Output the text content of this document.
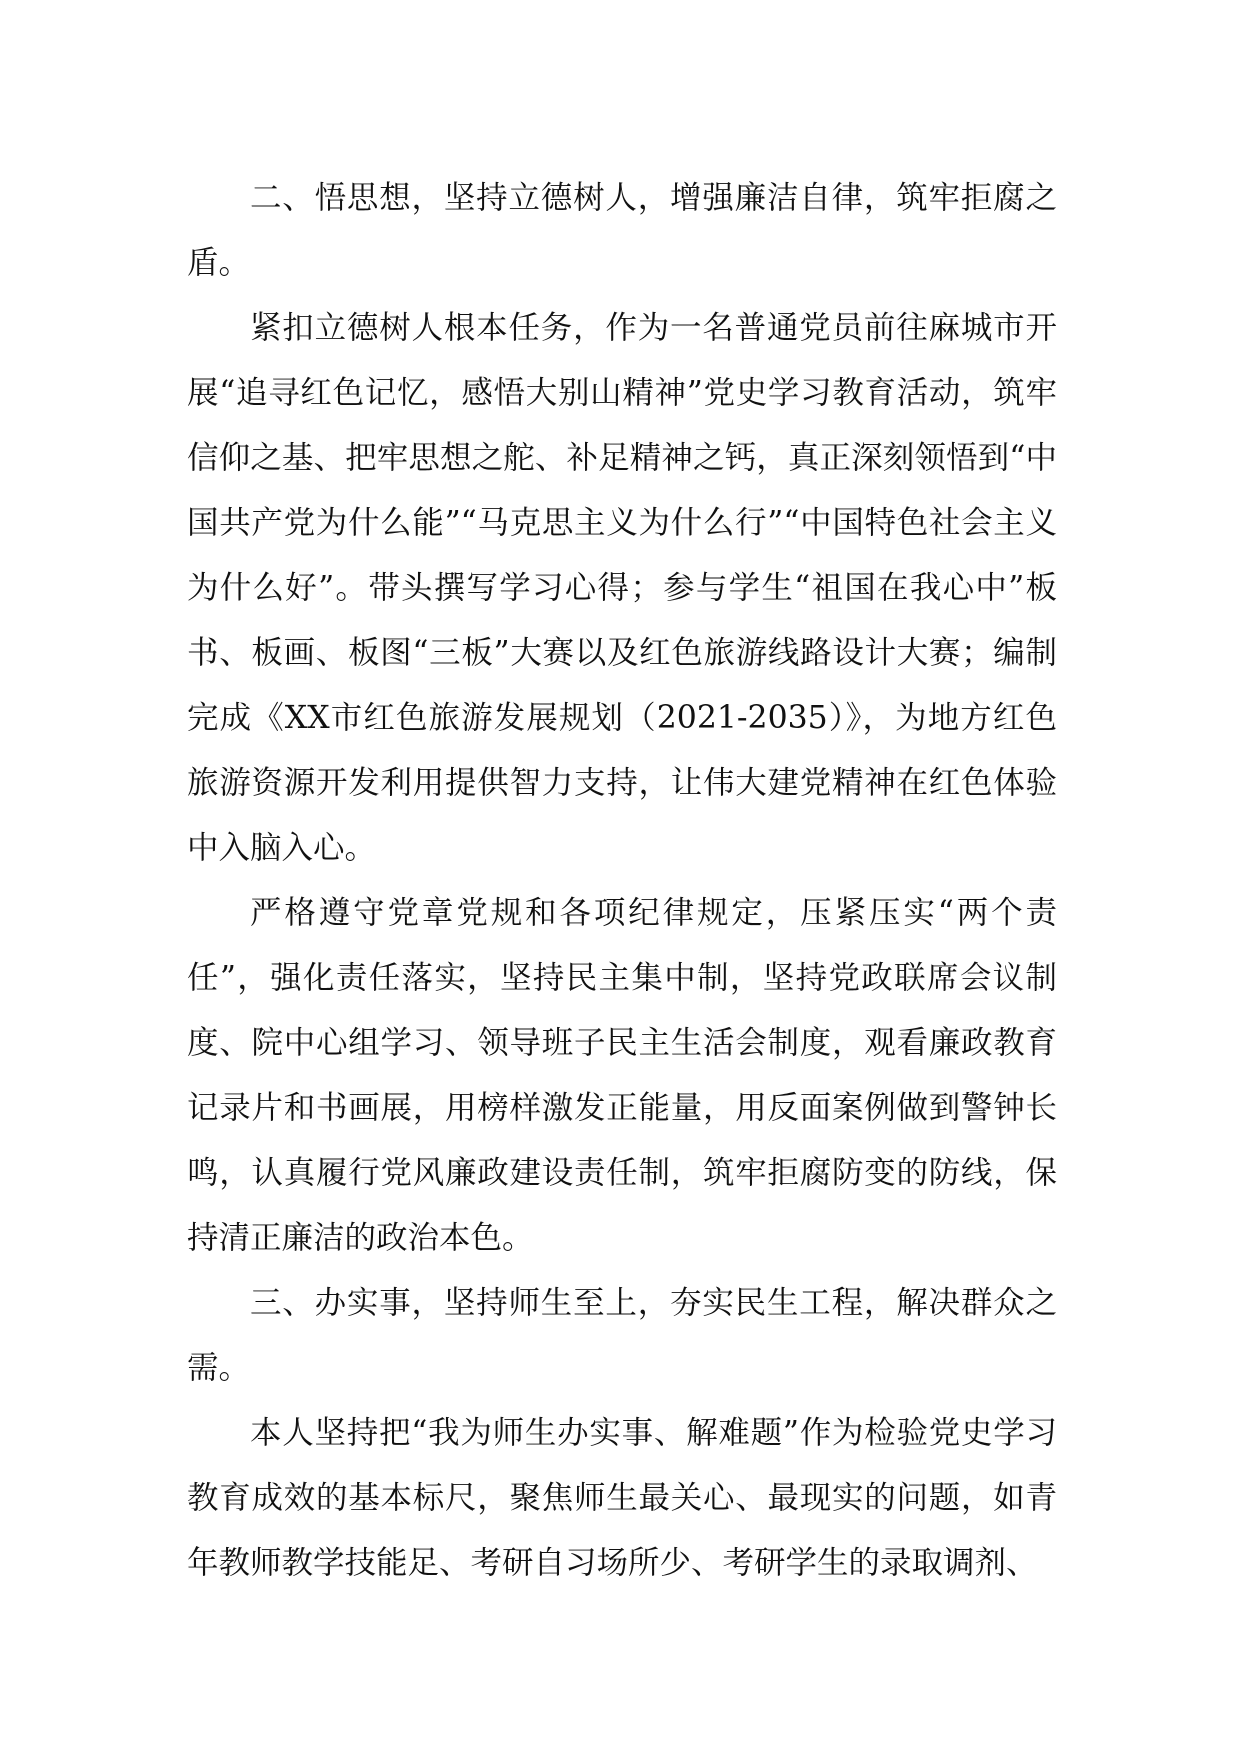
二、悟思想，坚持立德树人，增强廉洁自律，筑牢拒腐之盾。

紧扣立德树人根本任务，作为一名普通党员前往麻城市开展“追寻红色记忆，感悟大别山精神”党史学习教育活动，筑牢信仰之基、把牢思想之舵、补足精神之钙，真正深刻领悟到“中国共产党为什么能”“马克思主义为什么行”“中国特色社会主义为什么好”。带头撰写学习心得；参与学生“祖国在我心中”板书、板画、板图“三板”大赛以及红色旅游线路设计大赛；编制完成《XX市红色旅游发展规划（2021-2035）》，为地方红色旅游资源开发利用提供智力支持，让伟大建党精神在红色体验中入脑入心。

严格遵守党章党规和各项纪律规定，压紧压实“两个责任”，强化责任落实，坚持民主集中制，坚持党政联席会议制度、院中心组学习、领导班子民主生活会制度，观看廉政教育记录片和书画展，用榜样激发正能量，用反面案例做到警钟长鸣，认真履行党风廉政建设责任制，筑牢拒腐防变的防线，保持清正廉洁的政治本色。

三、办实事，坚持师生至上，夯实民生工程，解决群众之需。

本人坚持把“我为师生办实事、解难题”作为检验党史学习教育成效的基本标尺，聚焦师生最关心、最现实的问题，如青年教师教学技能足、考研自习场所少、考研学生的录取调剂、
